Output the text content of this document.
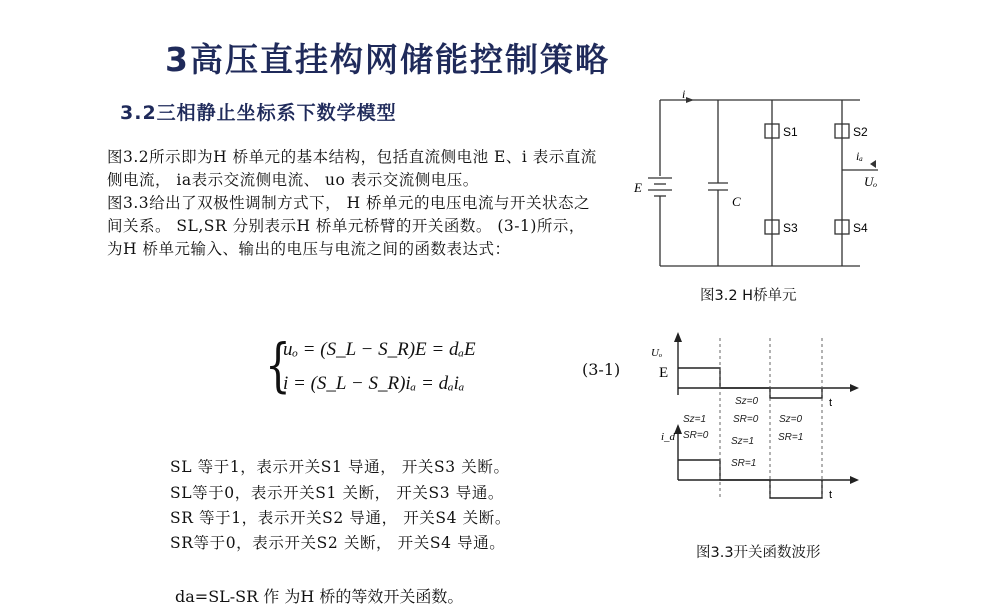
3高压直挂构网储能控制策略
3.2三相静止坐标系下数学模型

图3.2所示即为H 桥单元的基本结构，包括直流侧电池 E、i 表示直流侧电流， ia表示交流侧电流、 uo 表示交流侧电压。

图3.3给出了双极性调制方式下， H 桥单元的电压电流与开关状态之间关系。 SL,SR 分别表示H 桥单元桥臂的开关函数。 (3-1)所示，为H 桥单元输入、输出的电压与电流之间的函数表达式：

{
uₒ = (S_L − S_R)E = dₐE
i = (S_L − S_R)iₐ = dₐiₐ
(3-1)
SL 等于1，表示开关S1 导通， 开关S3 关断。
SL等于0，表示开关S1 关断， 开关S3 导通。
SR 等于1，表示开关S2 导通， 开关S4 关断。
SR等于0，表示开关S2 关断， 开关S4 导通。
da=SL-SR 作 为H 桥的等效开关函数。
i
E
C
S1	S2
S3	S4
iₐ
Uₒ
图3.2 H桥单元
Uₒ
E
t
t
i_d
Sz=1
SR=0
Sz=0
SR=0
Sz=1
SR=1
Sz=0
SR=1
图3.3开关函数波形
